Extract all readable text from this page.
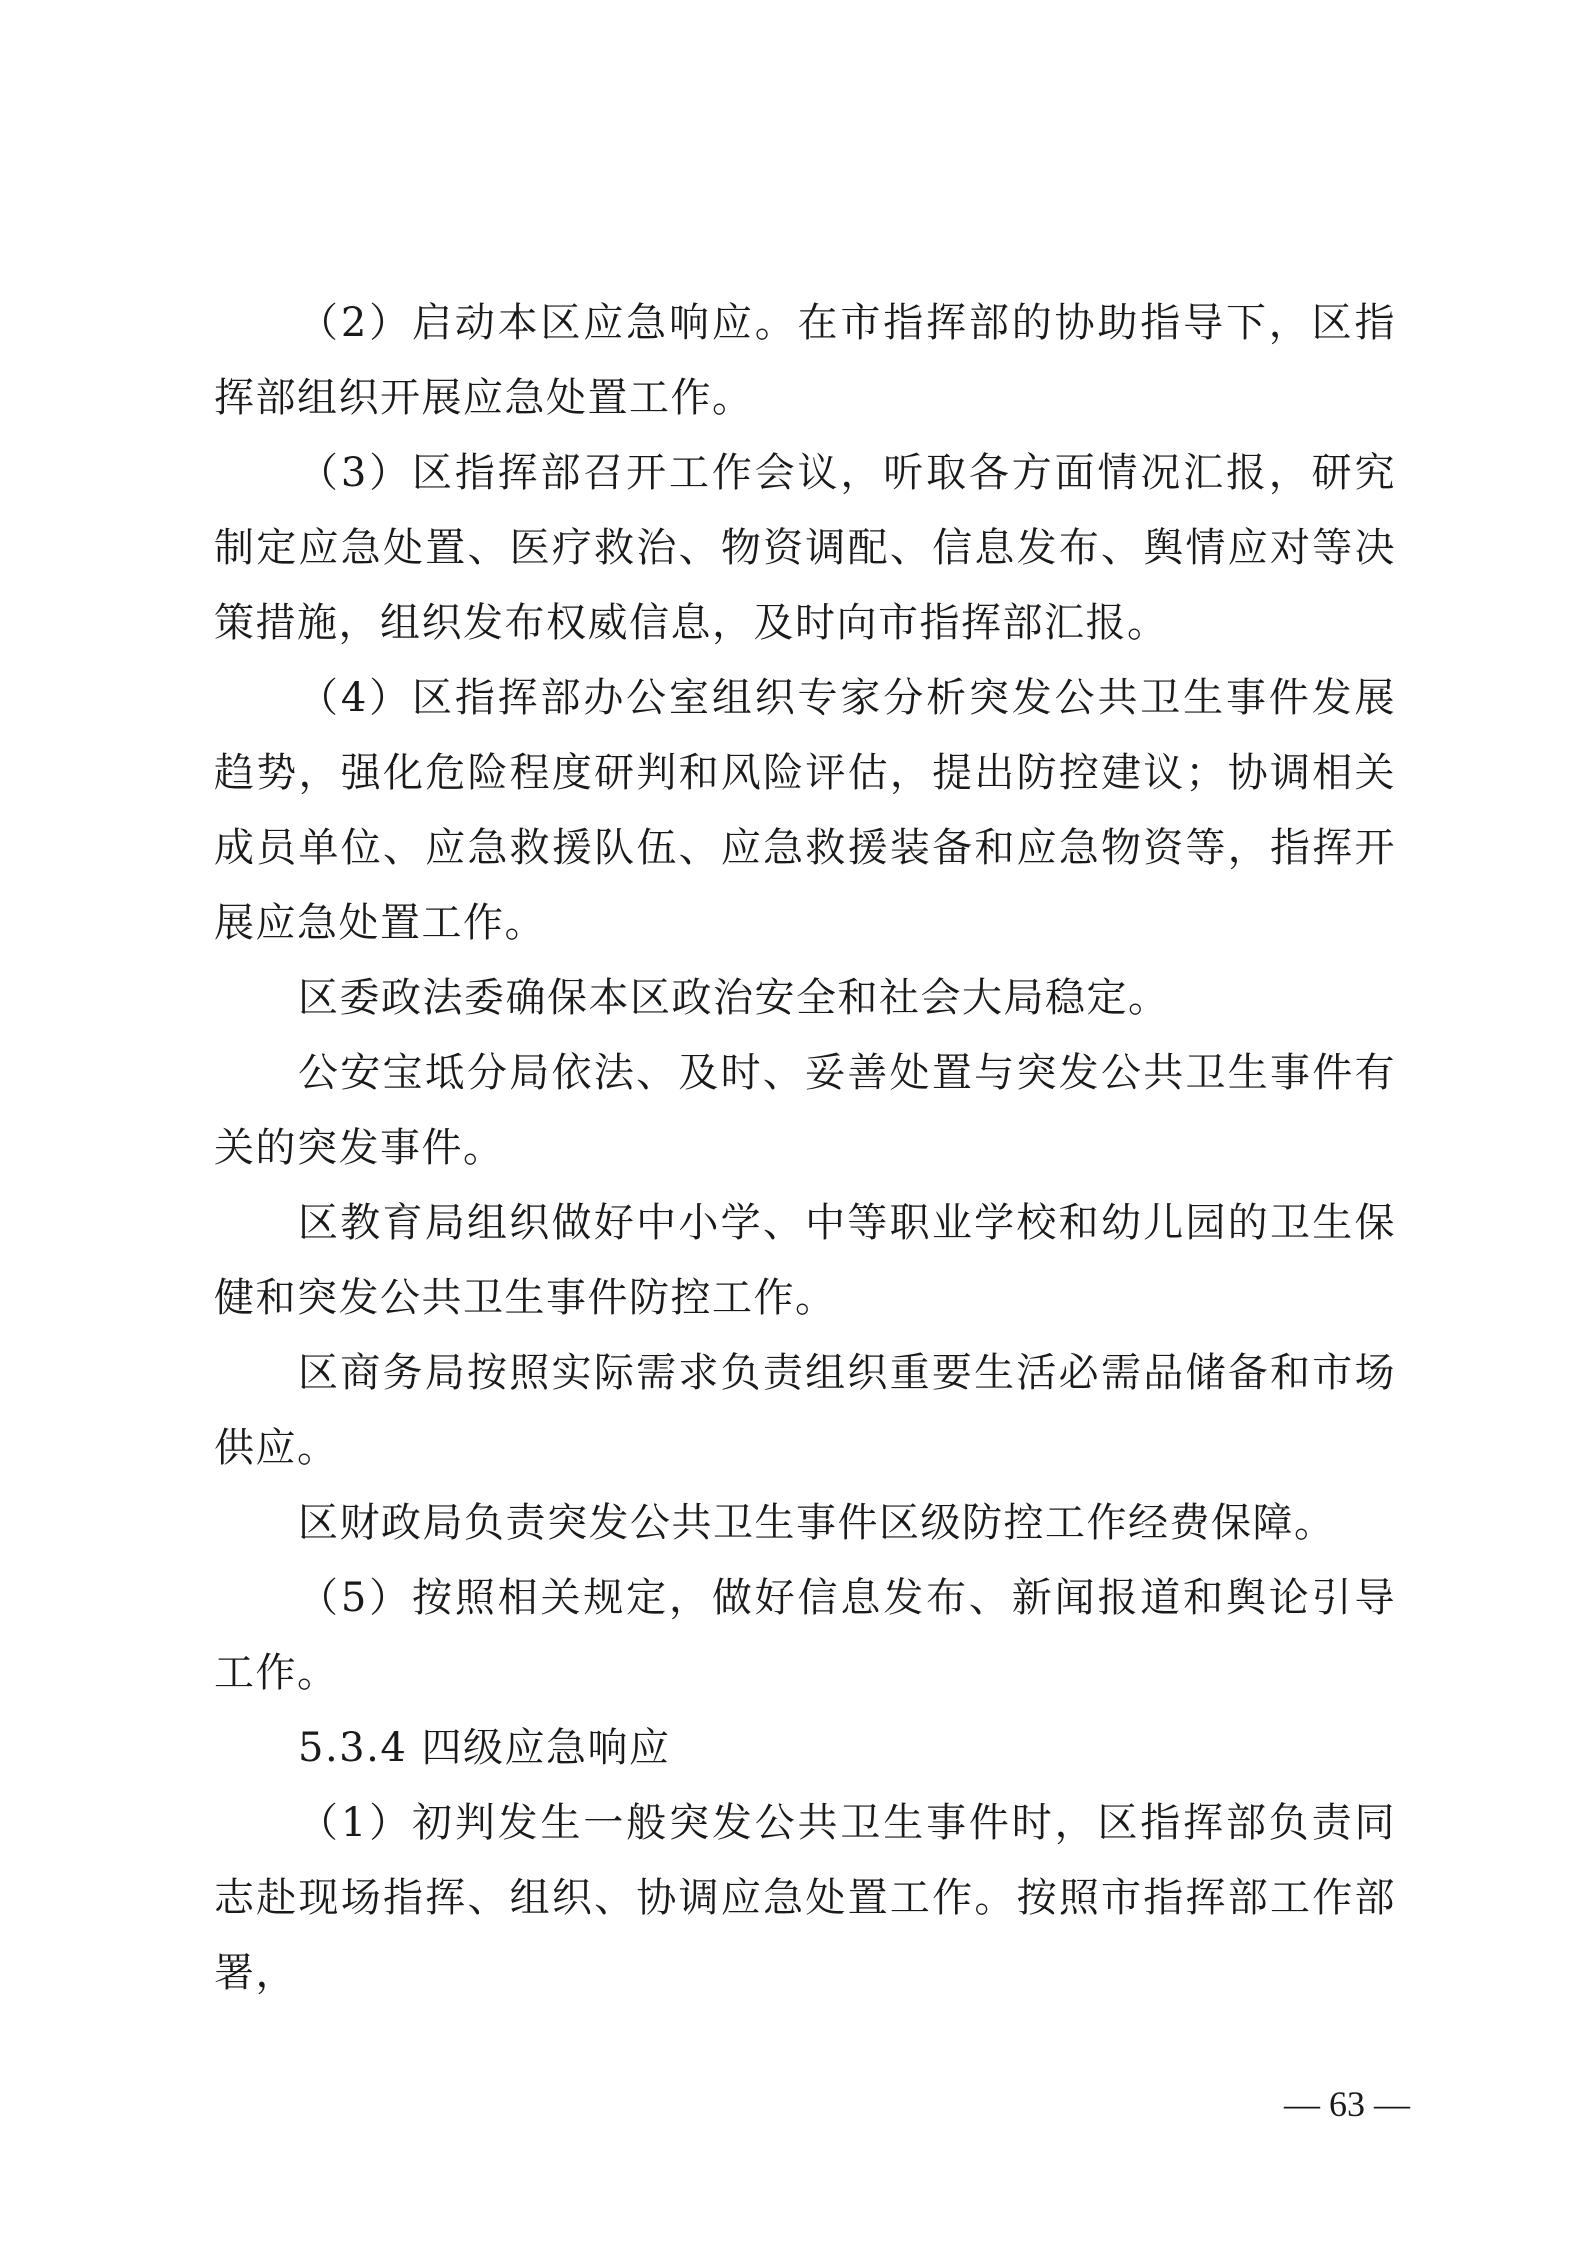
（2）启动本区应急响应。在市指挥部的协助指导下，区指挥部组织开展应急处置工作。

（3）区指挥部召开工作会议，听取各方面情况汇报，研究制定应急处置、医疗救治、物资调配、信息发布、舆情应对等决策措施，组织发布权威信息，及时向市指挥部汇报。

（4）区指挥部办公室组织专家分析突发公共卫生事件发展趋势，强化危险程度研判和风险评估，提出防控建议；协调相关成员单位、应急救援队伍、应急救援装备和应急物资等，指挥开展应急处置工作。

区委政法委确保本区政治安全和社会大局稳定。

公安宝坻分局依法、及时、妥善处置与突发公共卫生事件有关的突发事件。

区教育局组织做好中小学、中等职业学校和幼儿园的卫生保健和突发公共卫生事件防控工作。

区商务局按照实际需求负责组织重要生活必需品储备和市场供应。

区财政局负责突发公共卫生事件区级防控工作经费保障。

（5）按照相关规定，做好信息发布、新闻报道和舆论引导工作。

5.3.4 四级应急响应

（1）初判发生一般突发公共卫生事件时，区指挥部负责同志赴现场指挥、组织、协调应急处置工作。按照市指挥部工作部署，

— 63 —
